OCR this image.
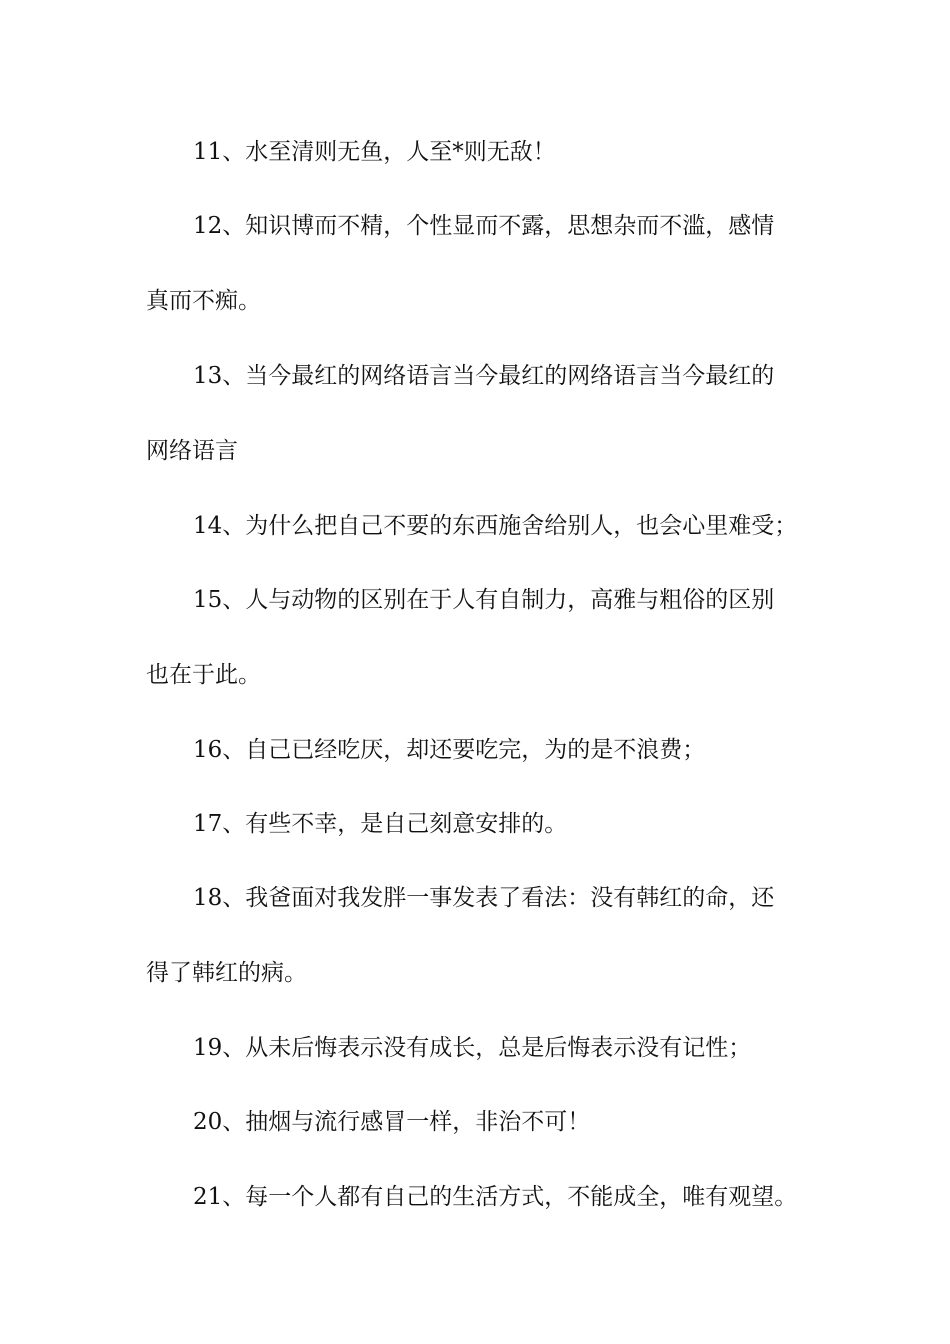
11、水至清则无鱼，人至*则无敌！
12、知识博而不精，个性显而不露，思想杂而不滥，感情
真而不痴。
13、当今最红的网络语言当今最红的网络语言当今最红的
网络语言
14、为什么把自己不要的东西施舍给别人，也会心里难受；
15、人与动物的区别在于人有自制力，高雅与粗俗的区别
也在于此。
16、自己已经吃厌，却还要吃完，为的是不浪费；
17、有些不幸，是自己刻意安排的。
18、我爸面对我发胖一事发表了看法：没有韩红的命，还
得了韩红的病。
19、从未后悔表示没有成长，总是后悔表示没有记性；
20、抽烟与流行感冒一样，非治不可！
21、每一个人都有自己的生活方式，不能成全，唯有观望。
